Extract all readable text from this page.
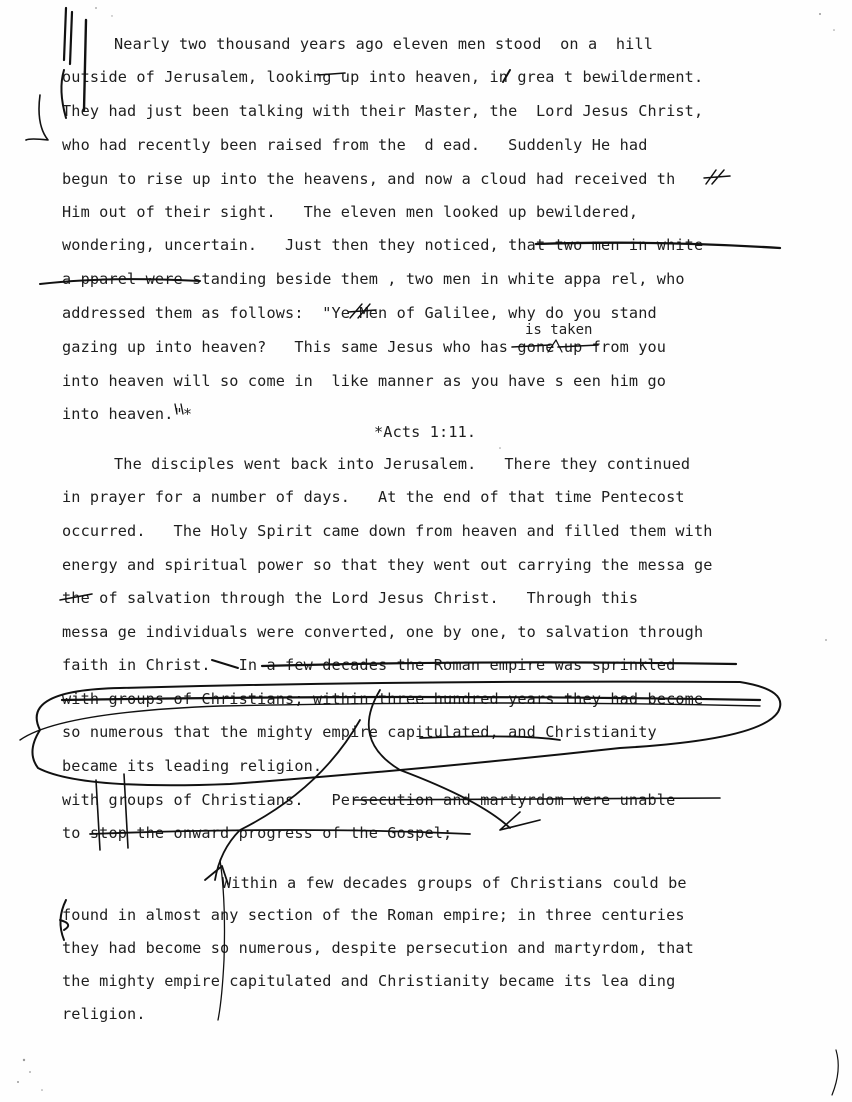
Nearly two thousand years ago eleven men stood  on a  hill
outside of Jerusalem, looking up into heaven, in grea t bewilderment.
They had just been talking with their Master, the  Lord Jesus Christ,
who had recently been raised from the  d ead.   Suddenly He had
begun to rise up into the heavens, and now a cloud had received th
Him out of their sight.   The eleven men looked up bewildered,
wondering, uncertain.   Just then they noticed, that two men in white
a pparel were standing beside them , two men in white appa rel, who
addressed them as follows:  "Ye Men of Galilee, why do you stand
is taken
gazing up into heaven?   This same Jesus who has gone up from you
into heaven will so come in  like manner as you have s een him go
into heaven."*
*Acts 1:11.
The disciples went back into Jerusalem.   There they continued
in prayer for a number of days.   At the end of that time Pentecost
occurred.   The Holy Spirit came down from heaven and filled them with
energy and spiritual power so that they went out carrying the messa ge
the of salvation through the Lord Jesus Christ.   Through this
messa ge individuals were converted, one by one, to salvation through
faith in Christ.   In a few decades the Roman empire was sprinkled
with groups of Christians; within three hundred years they had become
so numerous that the mighty empire capitulated, and Christianity
became its leading religion.
with groups of Christians.   Persecution and martyrdom were unable
to stop the onward progress of the Gospel;
Within a few decades groups of Christians could be
found in almost any section of the Roman empire; in three centuries
they had become so numerous, despite persecution and martyrdom, that
the mighty empire capitulated and Christianity became its lea ding
religion.
